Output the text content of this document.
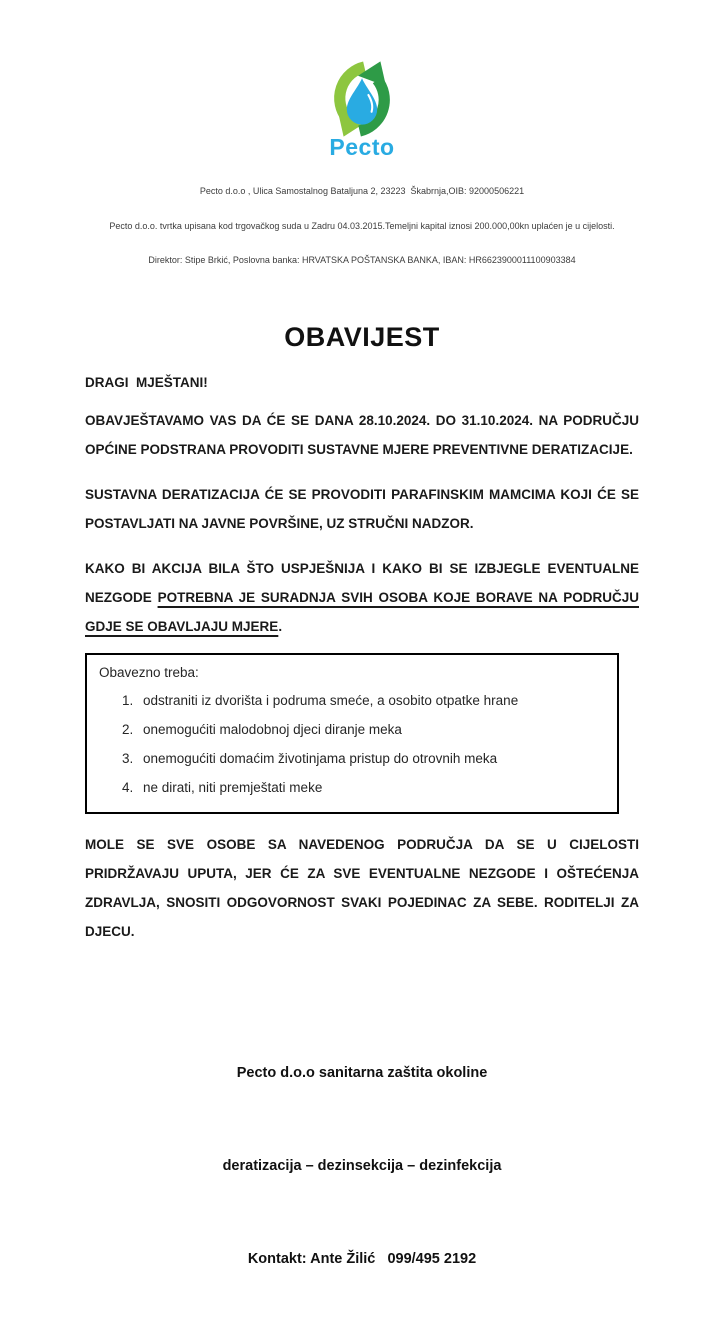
Pecto

Pecto d.o.o , Ulica Samostalnog Bataljuna 2, 23223  Škabrnja,OIB: 92000506221

Pecto d.o.o. tvrtka upisana kod trgovačkog suda u Zadru 04.03.2015.Temeljni kapital iznosi 200.000,00kn uplaćen je u cijelosti.

Direktor: Stipe Brkić, Poslovna banka: HRVATSKA POŠTANSKA BANKA, IBAN: HR6623900011100903384

OBAVIJEST

DRAGI  MJEŠTANI!

OBAVJEŠTAVAMO VAS DA ĆE SE DANA 28.10.2024. DO 31.10.2024. NA PODRUČJU OPĆINE PODSTRANA PROVODITI SUSTAVNE MJERE PREVENTIVNE DERATIZACIJE.

SUSTAVNA DERATIZACIJA ĆE SE PROVODITI PARAFINSKIM MAMCIMA KOJI ĆE SE POSTAVLJATI NA JAVNE POVRŠINE, UZ STRUČNI NADZOR.

KAKO BI AKCIJA BILA ŠTO USPJEŠNIJA I KAKO BI SE IZBJEGLE EVENTUALNE NEZGODE POTREBNA JE SURADNJA SVIH OSOBA KOJE BORAVE NA PODRUČJU GDJE SE OBAVLJAJU MJERE.

Obavezno treba:

1. odstraniti iz dvorišta i podruma smeće, a osobito otpatke hrane
2. onemogućiti malodobnoj djeci diranje meka
3. onemogućiti domaćim životinjama pristup do otrovnih meka
4. ne dirati, niti premještati meke

MOLE SE SVE OSOBE SA NAVEDENOG PODRUČJA DA SE U CIJELOSTI PRIDRŽAVAJU UPUTA, JER ĆE ZA SVE EVENTUALNE NEZGODE I OŠTEĆENJA ZDRAVLJA, SNOSITI ODGOVORNOST SVAKI POJEDINAC ZA SEBE. RODITELJI ZA DJECU.

Pecto d.o.o sanitarna zaštita okoline

deratizacija – dezinsekcija – dezinfekcija

Kontakt: Ante Žilić   099/495 2192
